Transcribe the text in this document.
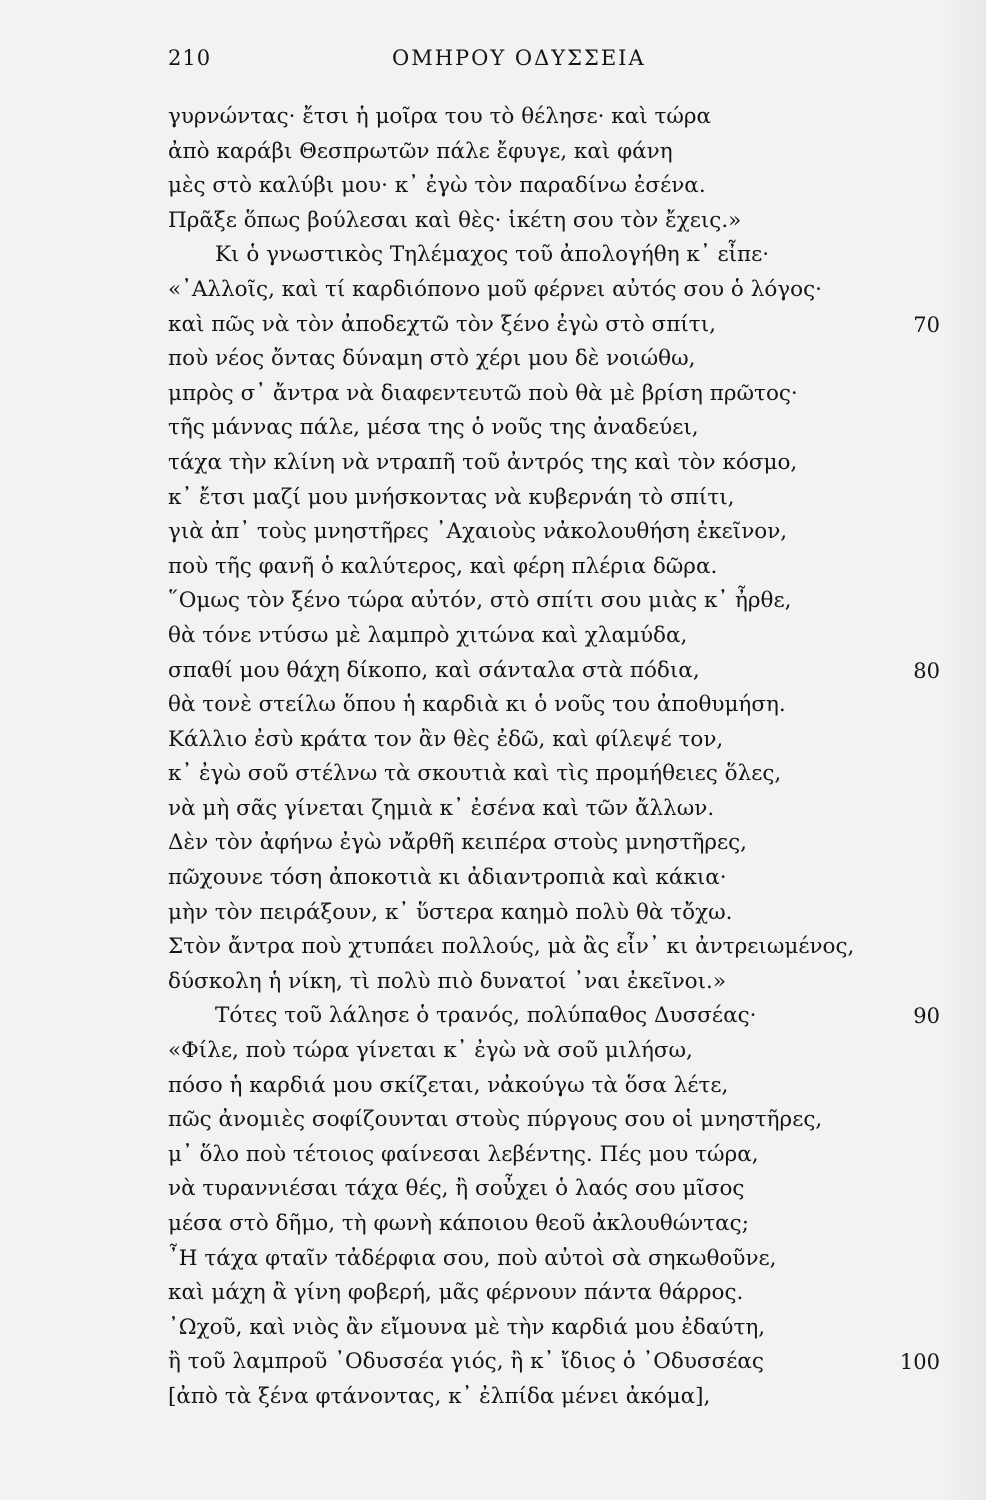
210	ΟΜΗΡΟΥ ΟΔΥΣΣΕΙΑ
γυρνώντας· ἔτσι ἡ μοῖρα του τὸ θέλησε· καὶ τώρα
ἀπὸ καράβι Θεσπρωτῶν πάλε ἔφυγε, καὶ φάνη
μὲς στὸ καλύβι μου· κ᾽ ἐγὼ τὸν παραδίνω ἐσένα.
Πρᾶξε ὅπως βούλεσαι καὶ θὲς· ἱκέτη σου τὸν ἔχεις.»
Κι ὁ γνωστικὸς Τηλέμαχος τοῦ ἀπολογήθη κ᾽ εἶπε·
«᾽Αλλοῖς, καὶ τί καρδιόπονο μοῦ φέρνει αὐτός σου ὁ λόγος·
καὶ πῶς νὰ τὸν ἀποδεχτῶ τὸν ξένο ἐγὼ στὸ σπίτι,	70
ποὺ νέος ὄντας δύναμη στὸ χέρι μου δὲ νοιώθω,
μπρὸς σ᾽ ἄντρα νὰ διαφεντευτῶ ποὺ θὰ μὲ βρίση πρῶτος·
τῆς μάννας πάλε, μέσα της ὁ νοῦς της ἀναδεύει,
τάχα τὴν κλίνη νὰ ντραπῆ τοῦ ἀντρός της καὶ τὸν κόσμο,
κ᾽ ἔτσι μαζί μου μνήσκοντας νὰ κυβερνάη τὸ σπίτι,
γιὰ ἀπ᾽ τοὺς μνηστῆρες ᾽Αχαιοὺς νἀκολουθήση ἐκεῖνον,
ποὺ τῆς φανῆ ὁ καλύτερος, καὶ φέρη πλέρια δῶρα.
῞Ομως τὸν ξένο τώρα αὐτόν, στὸ σπίτι σου μιὰς κ᾽ ἦρθε,
θὰ τόνε ντύσω μὲ λαμπρὸ χιτώνα καὶ χλαμύδα,
σπαθί μου θάχη δίκοπο, καὶ σάνταλα στὰ πόδια,	80
θὰ τονὲ στείλω ὅπου ἡ καρδιὰ κι ὁ νοῦς του ἀποθυμήση.
Κάλλιο ἐσὺ κράτα τον ἂν θὲς ἐδῶ, καὶ φίλεψέ τον,
κ᾽ ἐγὼ σοῦ στέλνω τὰ σκουτιὰ καὶ τὶς προμήθειες ὅλες,
νὰ μὴ σᾶς γίνεται ζημιὰ κ᾽ ἐσένα καὶ τῶν ἄλλων.
Δὲν τὸν ἀφήνω ἐγὼ νἄρθῆ κειπέρα στοὺς μνηστῆρες,
πῶχουνε τόση ἀποκοτιὰ κι ἀδιαντροπιὰ καὶ κάκια·
μὴν τὸν πειράξουν, κ᾽ ὕστερα καημὸ πολὺ θὰ τὄχω.
Στὸν ἄντρα ποὺ χτυπάει πολλούς, μὰ ἂς εἶν᾽ κι ἀντρειωμένος,
δύσκολη ἡ νίκη, τὶ πολὺ πιὸ δυνατοί ᾽ναι ἐκεῖνοι.»
Τότες τοῦ λάλησε ὁ τρανός, πολύπαθος Δυσσέας·	90
«Φίλε, ποὺ τώρα γίνεται κ᾽ ἐγὼ νὰ σοῦ μιλήσω,
πόσο ἡ καρδιά μου σκίζεται, νἀκούγω τὰ ὅσα λέτε,
πῶς ἀνομιὲς σοφίζουνται στοὺς πύργους σου οἱ μνηστῆρες,
μ᾽ ὅλο ποὺ τέτοιος φαίνεσαι λεβέντης. Πές μου τώρα,
νὰ τυραννιέσαι τάχα θές, ἢ σοὖχει ὁ λαός σου μῖσος
μέσα στὸ δῆμο, τὴ φωνὴ κάποιου θεοῦ ἀκλουθώντας;
῏Η τάχα φταῖν τἀδέρφια σου, ποὺ αὐτοὶ σὰ σηκωθοῦνε,
καὶ μάχη ἂ γίνη φοβερή, μᾶς φέρνουν πάντα θάρρος.
᾽Ωχοῦ, καὶ νιὸς ἂν εἴμουνα μὲ τὴν καρδιά μου ἐδαύτη,
ἢ τοῦ λαμπροῦ ᾽Οδυσσέα γιός, ἢ κ᾽ ἴδιος ὁ ᾽Οδυσσέας	100
[ἀπὸ τὰ ξένα φτάνοντας, κ᾽ ἐλπίδα μένει ἀκόμα],
